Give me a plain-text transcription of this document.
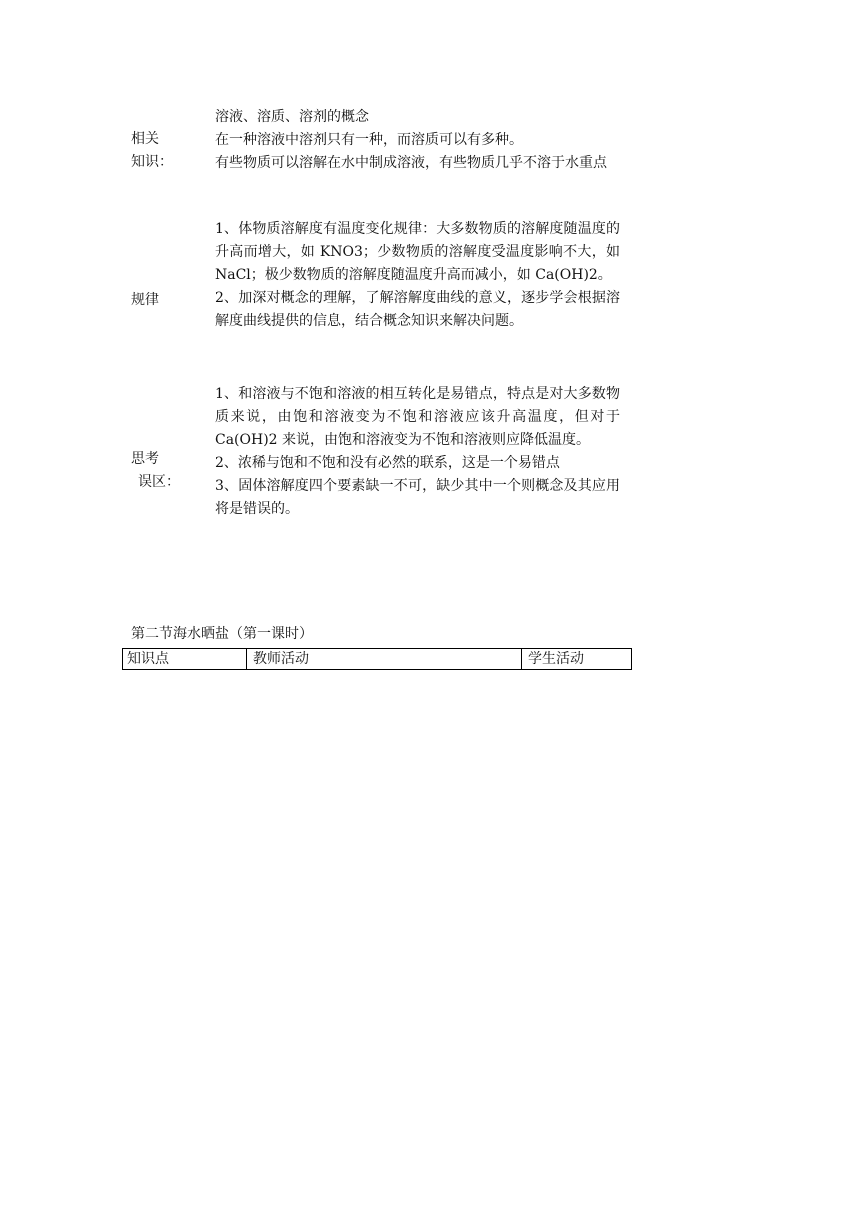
相关
知识：

溶液、溶质、溶剂的概念

在一种溶液中溶剂只有一种，而溶质可以有多种。

有些物质可以溶解在水中制成溶液，有些物质几乎不溶于水重点

规律

1、体物质溶解度有温度变化规律：大多数物质的溶解度随温度的升高而增大，如 KNO3；少数物质的溶解度受温度影响不大，如 NaCl；极少数物质的溶解度随温度升高而减小，如 Ca(OH)2。

2、加深对概念的理解，了解溶解度曲线的意义，逐步学会根据溶解度曲线提供的信息，结合概念知识来解决问题。

思考
误区：

1、和溶液与不饱和溶液的相互转化是易错点，特点是对大多数物质来说，由饱和溶液变为不饱和溶液应该升高温度，但对于 Ca(OH)2 来说，由饱和溶液变为不饱和溶液则应降低温度。

2、浓稀与饱和不饱和没有必然的联系，这是一个易错点

3、固体溶解度四个要素缺一不可，缺少其中一个则概念及其应用将是错误的。

第二节海水晒盐（第一课时）
知识点	教师活动	学生活动
